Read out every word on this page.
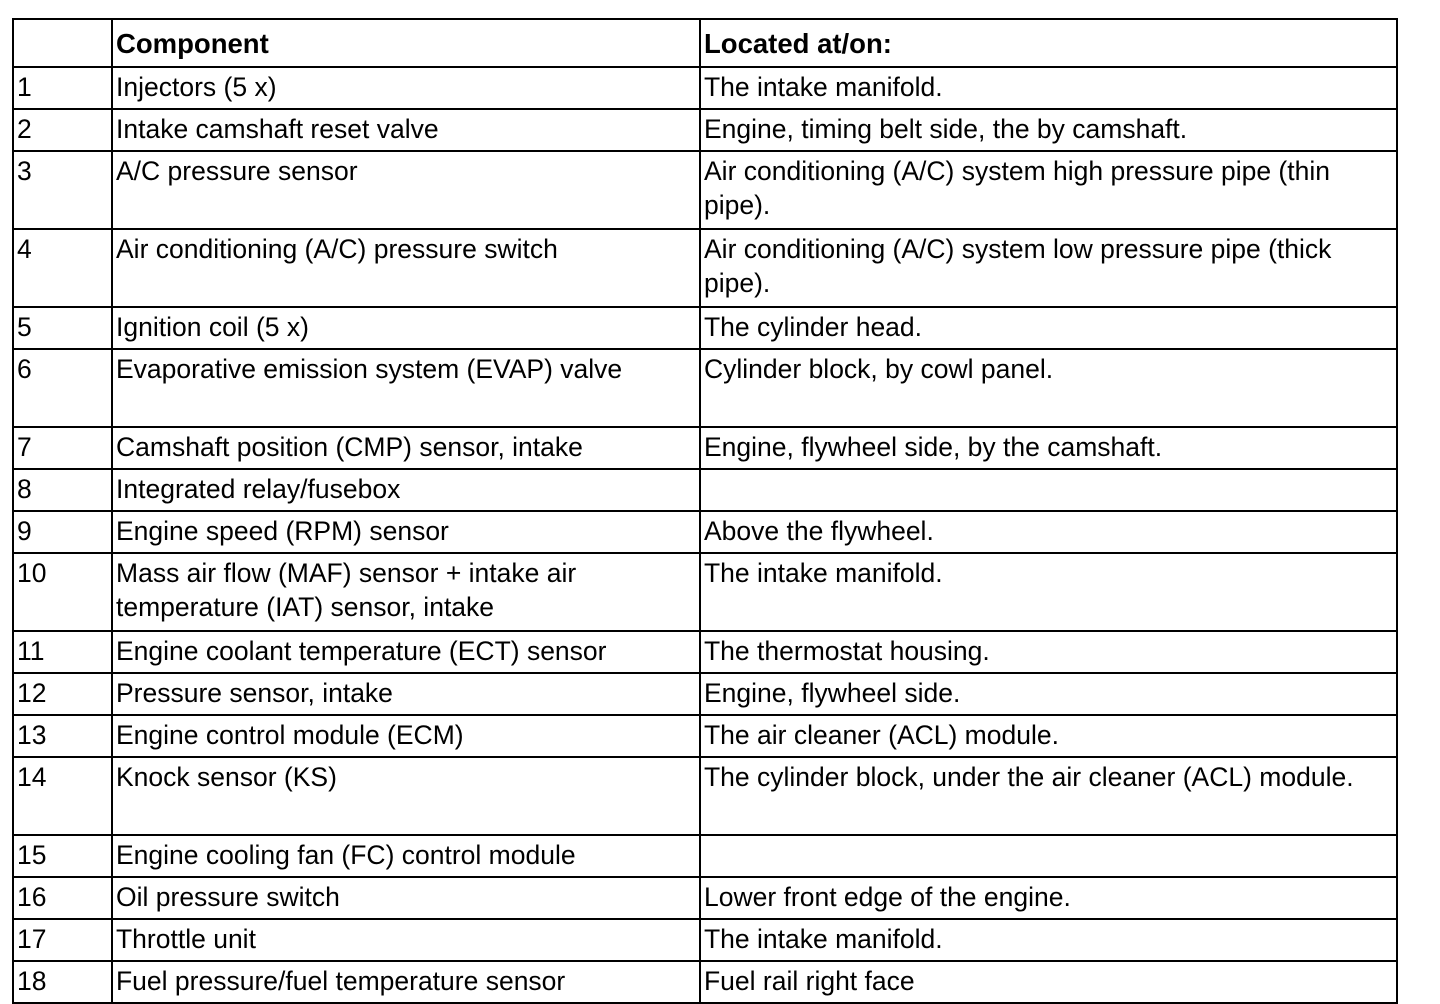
	Component	Located at/on:
1	Injectors (5 x)	The intake manifold.
2	Intake camshaft reset valve	Engine, timing belt side, the by camshaft.
3	A/C pressure sensor	Air conditioning (A/C) system high pressure pipe (thin pipe).
4	Air conditioning (A/C) pressure switch	Air conditioning (A/C) system low pressure pipe (thick pipe).
5	Ignition coil (5 x)	The cylinder head.
6	Evaporative emission system (EVAP) valve	Cylinder block, by cowl panel.
7	Camshaft position (CMP) sensor, intake	Engine, flywheel side, by the camshaft.
8	Integrated relay/fusebox	
9	Engine speed (RPM) sensor	Above the flywheel.
10	Mass air flow (MAF) sensor + intake air temperature (IAT) sensor, intake	The intake manifold.
11	Engine coolant temperature (ECT) sensor	The thermostat housing.
12	Pressure sensor, intake	Engine, flywheel side.
13	Engine control module (ECM)	The air cleaner (ACL) module.
14	Knock sensor (KS)	The cylinder block, under the air cleaner (ACL) module.
15	Engine cooling fan (FC) control module	
16	Oil pressure switch	Lower front edge of the engine.
17	Throttle unit	The intake manifold.
18	Fuel pressure/fuel temperature sensor	Fuel rail right face
